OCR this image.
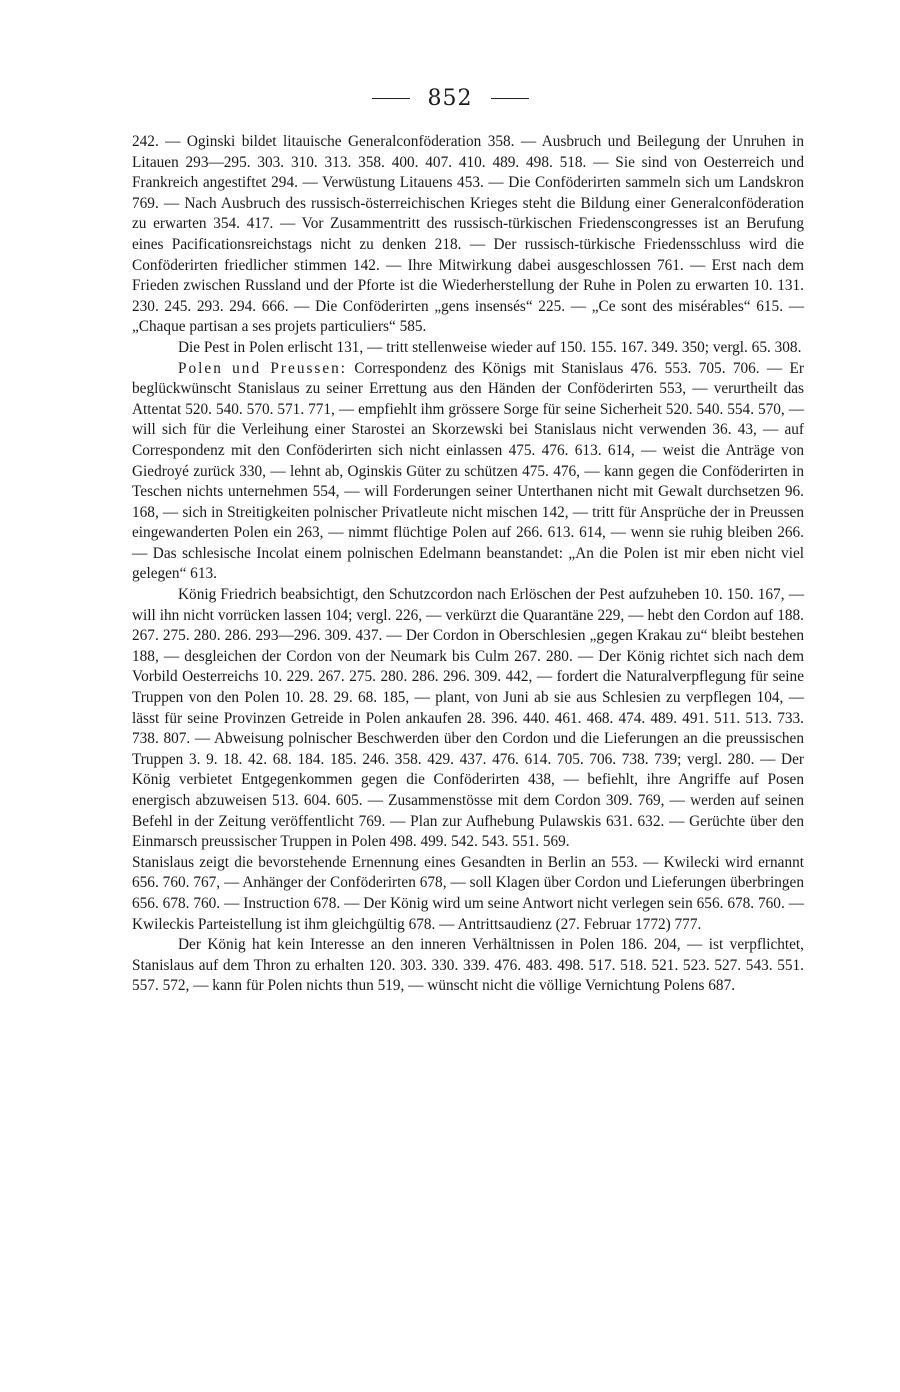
852

242. — Oginski bildet litauische Generalconföderation 358. — Ausbruch und Beilegung der Unruhen in Litauen 293—295. 303. 310. 313. 358. 400. 407. 410. 489. 498. 518. — Sie sind von Oesterreich und Frankreich angestiftet 294. — Verwüstung Litauens 453. — Die Conföderirten sammeln sich um Landskron 769. — Nach Ausbruch des russisch-österreichischen Krieges steht die Bildung einer Generalconföderation zu erwarten 354. 417. — Vor Zusammentritt des russisch-türkischen Friedenscongresses ist an Berufung eines Pacificationsreichstags nicht zu denken 218. — Der russisch-türkische Friedensschluss wird die Conföderirten friedlicher stimmen 142. — Ihre Mitwirkung dabei ausgeschlossen 761. — Erst nach dem Frieden zwischen Russland und der Pforte ist die Wiederherstellung der Ruhe in Polen zu erwarten 10. 131. 230. 245. 293. 294. 666. — Die Conföderirten „gens insensés“ 225. — „Ce sont des misérables“ 615. — „Chaque partisan a ses projets particuliers“ 585.

Die Pest in Polen erlischt 131, — tritt stellenweise wieder auf 150. 155. 167. 349. 350; vergl. 65. 308.

Polen und Preussen: Correspondenz des Königs mit Stanislaus 476. 553. 705. 706. — Er beglückwünscht Stanislaus zu seiner Errettung aus den Händen der Conföderirten 553, — verurtheilt das Attentat 520. 540. 570. 571. 771, — empfiehlt ihm grössere Sorge für seine Sicherheit 520. 540. 554. 570, — will sich für die Verleihung einer Starostei an Skorzewski bei Stanislaus nicht verwenden 36. 43, — auf Correspondenz mit den Conföderirten sich nicht einlassen 475. 476. 613. 614, — weist die Anträge von Giedroyé zurück 330, — lehnt ab, Oginskis Güter zu schützen 475. 476, — kann gegen die Conföderirten in Teschen nichts unternehmen 554, — will Forderungen seiner Unterthanen nicht mit Gewalt durchsetzen 96. 168, — sich in Streitigkeiten polnischer Privatleute nicht mischen 142, — tritt für Ansprüche der in Preussen eingewanderten Polen ein 263, — nimmt flüchtige Polen auf 266. 613. 614, — wenn sie ruhig bleiben 266. — Das schlesische Incolat einem polnischen Edelmann beanstandet: „An die Polen ist mir eben nicht viel gelegen“ 613.

König Friedrich beabsichtigt, den Schutzcordon nach Erlöschen der Pest aufzuheben 10. 150. 167, — will ihn nicht vorrücken lassen 104; vergl. 226, — verkürzt die Quarantäne 229, — hebt den Cordon auf 188. 267. 275. 280. 286. 293—296. 309. 437. — Der Cordon in Oberschlesien „gegen Krakau zu“ bleibt bestehen 188, — desgleichen der Cordon von der Neumark bis Culm 267. 280. — Der König richtet sich nach dem Vorbild Oesterreichs 10. 229. 267. 275. 280. 286. 296. 309. 442, — fordert die Naturalverpflegung für seine Truppen von den Polen 10. 28. 29. 68. 185, — plant, von Juni ab sie aus Schlesien zu verpflegen 104, — lässt für seine Provinzen Getreide in Polen ankaufen 28. 396. 440. 461. 468. 474. 489. 491. 511. 513. 733. 738. 807. — Abweisung polnischer Beschwerden über den Cordon und die Lieferungen an die preussischen Truppen 3. 9. 18. 42. 68. 184. 185. 246. 358. 429. 437. 476. 614. 705. 706. 738. 739; vergl. 280. — Der König verbietet Entgegenkommen gegen die Conföderirten 438, — befiehlt, ihre Angriffe auf Posen energisch abzuweisen 513. 604. 605. — Zusammenstösse mit dem Cordon 309. 769, — werden auf seinen Befehl in der Zeitung veröffentlicht 769. — Plan zur Aufhebung Pulawskis 631. 632. — Gerüchte über den Einmarsch preussischer Truppen in Polen 498. 499. 542. 543. 551. 569.

Stanislaus zeigt die bevorstehende Ernennung eines Gesandten in Berlin an 553. — Kwilecki wird ernannt 656. 760. 767, — Anhänger der Conföderirten 678, — soll Klagen über Cordon und Lieferungen überbringen 656. 678. 760. — Instruction 678. — Der König wird um seine Antwort nicht verlegen sein 656. 678. 760. — Kwileckis Parteistellung ist ihm gleichgültig 678. — Antrittsaudienz (27. Februar 1772) 777.

Der König hat kein Interesse an den inneren Verhältnissen in Polen 186. 204, — ist verpflichtet, Stanislaus auf dem Thron zu erhalten 120. 303. 330. 339. 476. 483. 498. 517. 518. 521. 523. 527. 543. 551. 557. 572, — kann für Polen nichts thun 519, — wünscht nicht die völlige Vernichtung Polens 687.
